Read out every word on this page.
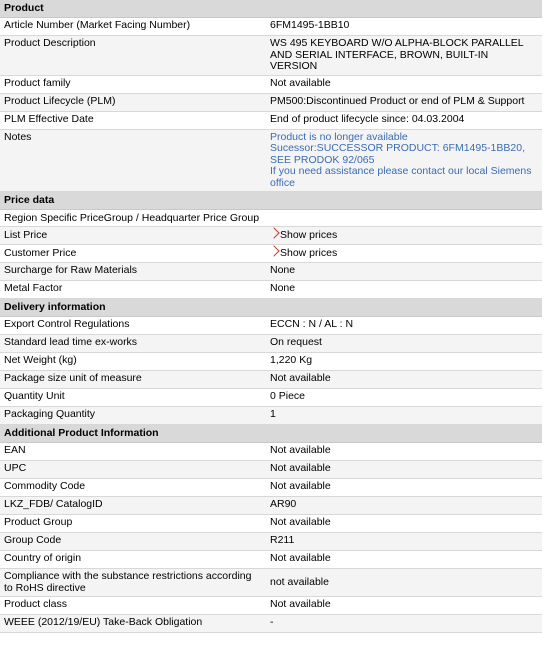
Product
Article Number (Market Facing Number)	6FM1495-1BB10
Product Description	WS 495 KEYBOARD W/O ALPHA-BLOCK PARALLEL AND SERIAL INTERFACE, BROWN, BUILT-IN VERSION
Product family	Not available
Product Lifecycle (PLM)	PM500:Discontinued Product or end of PLM & Support
PLM Effective Date	End of product lifecycle since: 04.03.2004
Notes	Product is no longer available
Sucessor:SUCCESSOR PRODUCT: 6FM1495-1BB20, SEE PRODOK 92/065
If you need assistance please contact our local Siemens office
Price data
Region Specific PriceGroup / Headquarter Price Group
List Price	Show prices
Customer Price	Show prices
Surcharge for Raw Materials	None
Metal Factor	None
Delivery information
Export Control Regulations	ECCN : N / AL : N
Standard lead time ex-works	On request
Net Weight (kg)	1,220 Kg
Package size unit of measure	Not available
Quantity Unit	0 Piece
Packaging Quantity	1
Additional Product Information
EAN	Not available
UPC	Not available
Commodity Code	Not available
LKZ_FDB/ CatalogID	AR90
Product Group	Not available
Group Code	R211
Country of origin	Not available
Compliance with the substance restrictions according to RoHS directive	not available
Product class	Not available
WEEE (2012/19/EU) Take-Back Obligation	-
